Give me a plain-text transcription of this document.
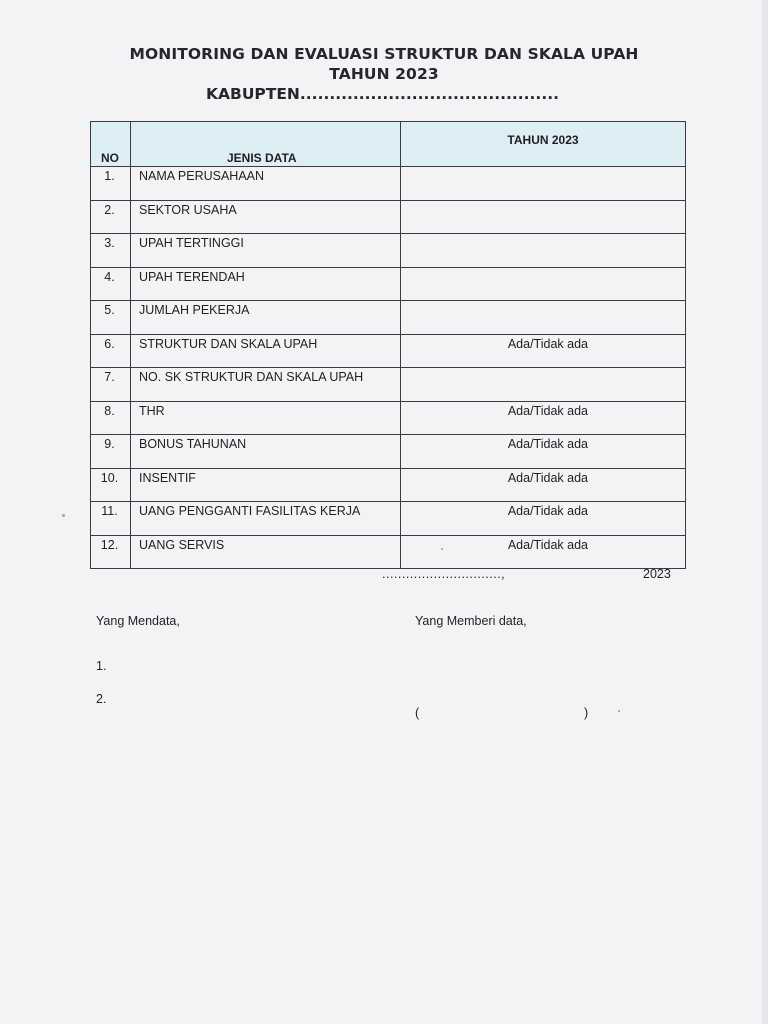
MONITORING DAN EVALUASI STRUKTUR DAN SKALA UPAH
TAHUN 2023
KABUPTEN............................................
NO	JENIS DATA	TAHUN 2023
1.	NAMA PERUSAHAAN	
2.	SEKTOR USAHA	
3.	UPAH TERTINGGI	
4.	UPAH TERENDAH	
5.	JUMLAH PEKERJA	
6.	STRUKTUR DAN SKALA UPAH	Ada/Tidak ada
7.	NO. SK STRUKTUR DAN SKALA UPAH	
8.	THR	Ada/Tidak ada
9.	BONUS TAHUNAN	Ada/Tidak ada
10.	INSENTIF	Ada/Tidak ada
11.	UANG PENGGANTI FASILITAS KERJA	Ada/Tidak ada
12.	UANG SERVIS	Ada/Tidak ada
..............................,	2023
Yang Mendata,	Yang Memberi data,
1.
2.
(	)
